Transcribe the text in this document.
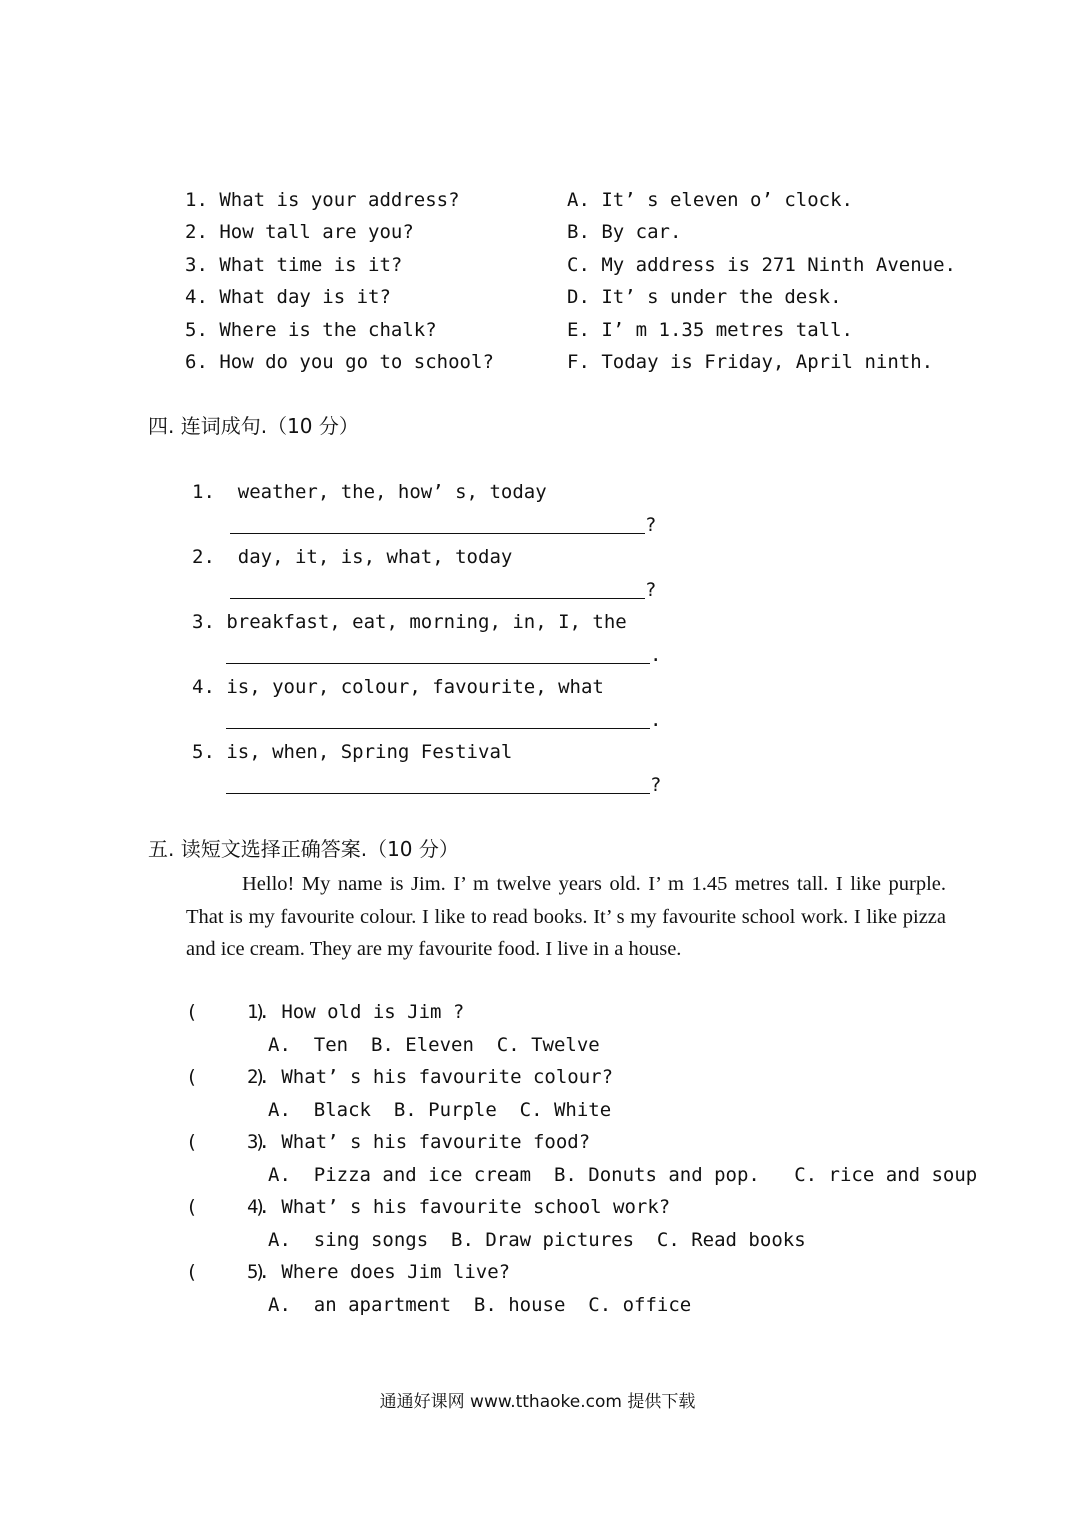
1. What is your address?
2. How tall are you?
3. What time is it?
4. What day is it?
5. Where is the chalk?
6. How do you go to school?
A. It’ s eleven o’ clock.
B. By car.
C. My address is 271 Ninth Avenue.
D. It’ s under the desk.
E. I’ m 1.35 metres tall.
F. Today is Friday, April ninth.
四. 连词成句.（10 分）
1. weather, the, how’ s, today
?
2. day, it, is, what, today
?
3. breakfast, eat, morning, in, I, the
.
4. is, your, colour, favourite, what
.
5. is, when, Spring Festival
?
五. 读短文选择正确答案.（10 分）
Hello! My name is Jim. I’ m twelve years old. I’ m 1.45 metres tall. I like purple. That is my favourite colour. I like to read books. It’ s my favourite school work. I like pizza and ice cream. They are my favourite food. I live in a house.
(     )
1. How old is Jim ?
A.  Ten  B. Eleven  C. Twelve
(     )
2. What’ s his favourite colour?
A.  Black  B. Purple  C. White
(     )
3. What’ s his favourite food?
A.  Pizza and ice cream  B. Donuts and pop.   C. rice and soup
(     )
4. What’ s his favourite school work?
A.  sing songs  B. Draw pictures  C. Read books
(     )
5. Where does Jim live?
A.  an apartment  B. house  C. office
通通好课网 www.tthaoke.com 提供下载
